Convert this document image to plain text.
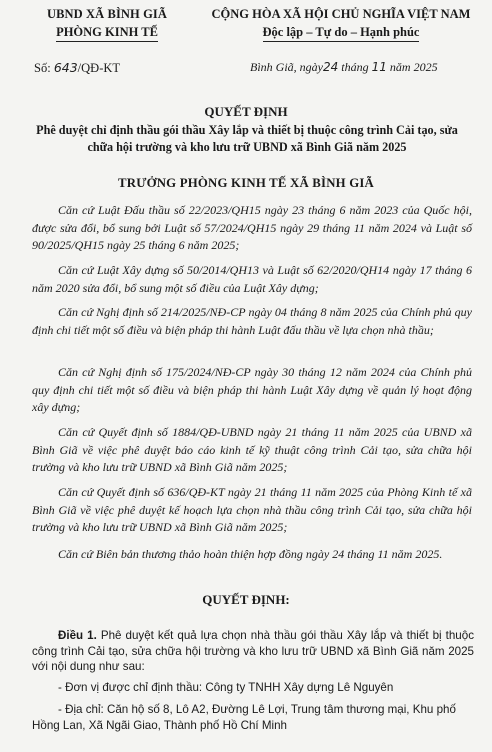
UBND XÃ BÌNH GIÃ
PHÒNG KINH TẾ
CỘNG HÒA XÃ HỘI CHỦ NGHĨA VIỆT NAM
Độc lập – Tự do – Hạnh phúc
Số: 643/QĐ-KT	Bình Giã, ngày24 tháng 11 năm 2025
QUYẾT ĐỊNH
Phê duyệt chỉ định thầu gói thầu Xây lắp và thiết bị thuộc công trình Cải tạo, sửa chữa hội trường và kho lưu trữ UBND xã Bình Giã năm 2025
TRƯỞNG PHÒNG KINH TẾ XÃ BÌNH GIÃ

Căn cứ Luật Đấu thầu số 22/2023/QH15 ngày 23 tháng 6 năm 2023 của Quốc hội, được sửa đổi, bổ sung bởi Luật số 57/2024/QH15 ngày 29 tháng 11 năm 2024 và Luật số 90/2025/QH15 ngày 25 tháng 6 năm 2025;

Căn cứ Luật Xây dựng số 50/2014/QH13 và Luật số 62/2020/QH14 ngày 17 tháng 6 năm 2020 sửa đổi, bổ sung một số điều của Luật Xây dựng;

Căn cứ Nghị định số 214/2025/NĐ-CP ngày 04 tháng 8 năm 2025 của Chính phủ quy định chi tiết một số điều và biện pháp thi hành Luật đấu thầu về lựa chọn nhà thầu;

Căn cứ Nghị định số 175/2024/NĐ-CP ngày 30 tháng 12 năm 2024 của Chính phủ quy định chi tiết một số điều và biện pháp thi hành Luật Xây dựng về quản lý hoạt động xây dựng;

Căn cứ Quyết định số 1884/QĐ-UBND ngày 21 tháng 11 năm 2025 của UBND xã Bình Giã về việc phê duyệt báo cáo kinh tế kỹ thuật công trình Cải tạo, sửa chữa hội trường và kho lưu trữ UBND xã Bình Giã năm 2025;

Căn cứ Quyết định số 636/QĐ-KT ngày 21 tháng 11 năm 2025 của Phòng Kinh tế xã Bình Giã về việc phê duyệt kế hoạch lựa chọn nhà thầu công trình Cải tạo, sửa chữa hội trường và kho lưu trữ UBND xã Bình Giã năm 2025;

Căn cứ Biên bản thương thảo hoàn thiện hợp đồng ngày 24 tháng 11 năm 2025.

QUYẾT ĐỊNH:

Điều 1. Phê duyệt kết quả lựa chọn nhà thầu gói thầu Xây lắp và thiết bị thuộc công trình Cải tạo, sửa chữa hội trường và kho lưu trữ UBND xã Bình Giã năm 2025 với nội dung như sau:

- Đơn vị được chỉ định thầu: Công ty TNHH Xây dựng Lê Nguyên

- Địa chỉ: Căn hộ số 8, Lô A2, Đường Lê Lợi, Trung tâm thương mại, Khu phố Hồng Lan, Xã Ngãi Giao, Thành phố Hồ Chí Minh
